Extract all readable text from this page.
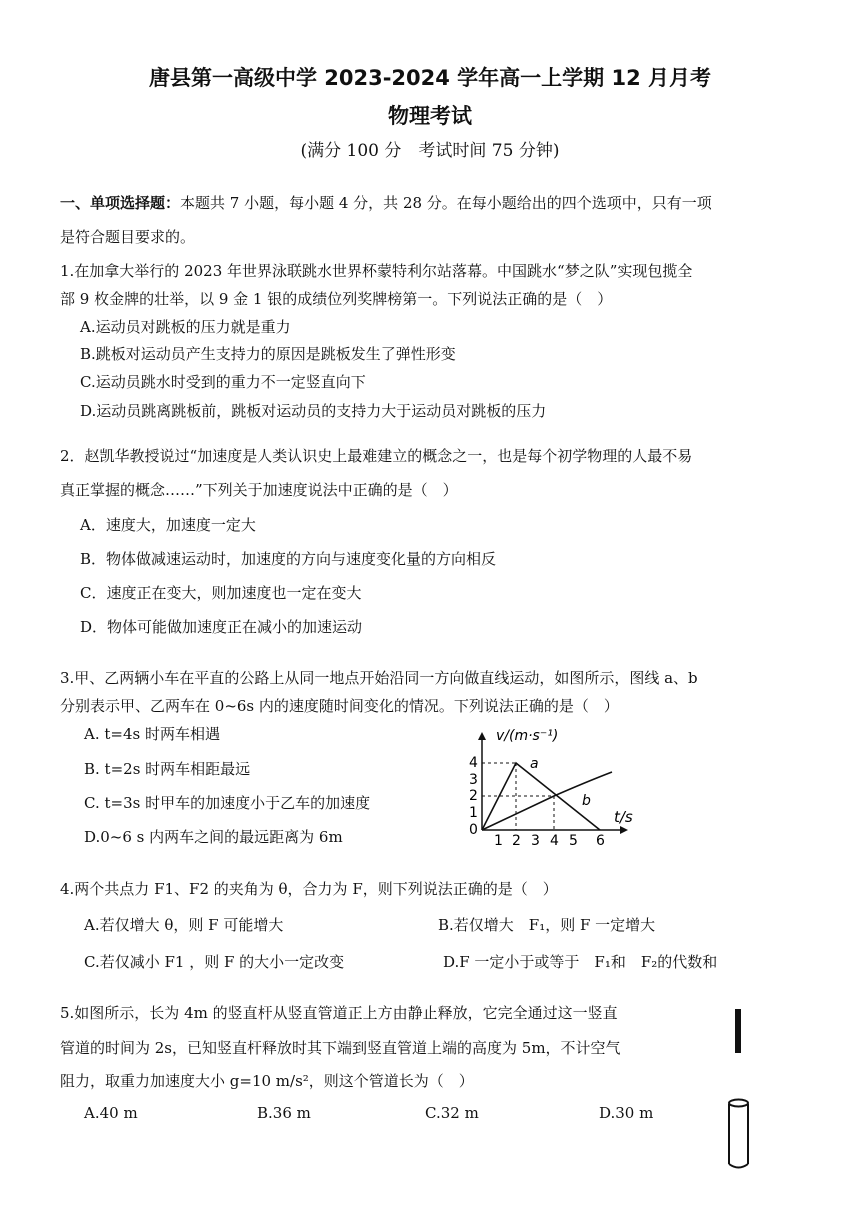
唐县第一高级中学 2023-2024 学年高一上学期 12 月月考
物理考试
(满分 100 分　考试时间 75 分钟)
一、单项选择题：本题共 7 小题，每小题 4 分，共 28 分。在每小题给出的四个选项中，只有一项
是符合题目要求的。
1.在加拿大举行的 2023 年世界泳联跳水世界杯蒙特利尔站落幕。中国跳水“梦之队”实现包揽全
部 9 枚金牌的壮举，以 9 金 1 银的成绩位列奖牌榜第一。下列说法正确的是（　）
A.运动员对跳板的压力就是重力
B.跳板对运动员产生支持力的原因是跳板发生了弹性形变
C.运动员跳水时受到的重力不一定竖直向下
D.运动员跳离跳板前，跳板对运动员的支持力大于运动员对跳板的压力
2．赵凯华教授说过“加速度是人类认识史上最难建立的概念之一，也是每个初学物理的人最不易
真正掌握的概念……”下列关于加速度说法中正确的是（　）
A．速度大，加速度一定大
B．物体做减速运动时，加速度的方向与速度变化量的方向相反
C．速度正在变大，则加速度也一定在变大
D．物体可能做加速度正在减小的加速运动
3.甲、乙两辆小车在平直的公路上从同一地点开始沿同一方向做直线运动，如图所示，图线 a、b
分别表示甲、乙两车在 0~6s 内的速度随时间变化的情况。下列说法正确的是（　）
A. t=4s 时两车相遇
B. t=2s 时两车相距最远
C. t=3s 时甲车的加速度小于乙车的加速度
D.0~6 s 内两车之间的最远距离为 6m
v/(m·s⁻¹)
t/s
a
b
0
1
2
3
4
1 2 3 4 5 6
4.两个共点力 F1、F2 的夹角为 θ，合力为 F，则下列说法正确的是（　）
A.若仅增大 θ，则 F 可能增大	B.若仅增大　F₁，则 F 一定增大
C.若仅减小 F1 ，则 F 的大小一定改变	D.F 一定小于或等于　F₁和　F₂的代数和
5.如图所示，长为 4m 的竖直杆从竖直管道正上方由静止释放，它完全通过这一竖直
管道的时间为 2s，已知竖直杆释放时其下端到竖直管道上端的高度为 5m，不计空气
阻力，取重力加速度大小 g=10 m/s²，则这个管道长为（　）
A.40 m	B.36 m	C.32 m	D.30 m
